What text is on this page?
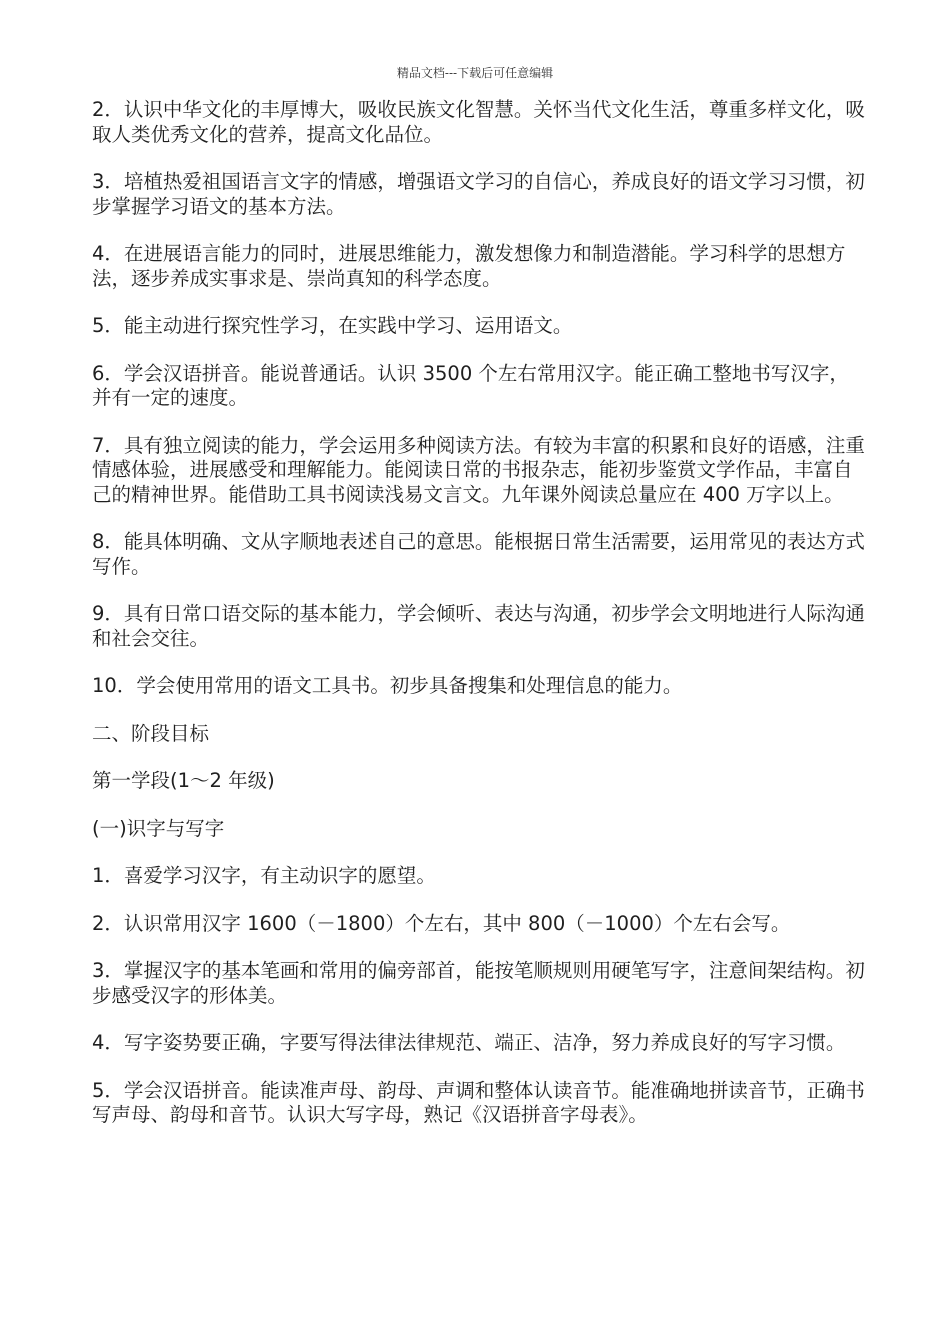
精品文档---下载后可任意编辑

2．认识中华文化的丰厚博大，吸收民族文化智慧。关怀当代文化生活，尊重多样文化，吸取人类优秀文化的营养，提高文化品位。

3．培植热爱祖国语言文字的情感，增强语文学习的自信心，养成良好的语文学习习惯，初步掌握学习语文的基本方法。

4．在进展语言能力的同时，进展思维能力，激发想像力和制造潜能。学习科学的思想方法，逐步养成实事求是、崇尚真知的科学态度。

5．能主动进行探究性学习，在实践中学习、运用语文。

6．学会汉语拼音。能说普通话。认识 3500 个左右常用汉字。能正确工整地书写汉字，并有一定的速度。

7．具有独立阅读的能力，学会运用多种阅读方法。有较为丰富的积累和良好的语感，注重情感体验，进展感受和理解能力。能阅读日常的书报杂志，能初步鉴赏文学作品，丰富自己的精神世界。能借助工具书阅读浅易文言文。九年课外阅读总量应在 400 万字以上。

8．能具体明确、文从字顺地表述自己的意思。能根据日常生活需要，运用常见的表达方式写作。

9．具有日常口语交际的基本能力，学会倾听、表达与沟通，初步学会文明地进行人际沟通和社会交往。

10．学会使用常用的语文工具书。初步具备搜集和处理信息的能力。

二、阶段目标

第一学段(1～2 年级)

(一)识字与写字

1．喜爱学习汉字，有主动识字的愿望。

2．认识常用汉字 1600（－1800）个左右，其中 800（－1000）个左右会写。

3．掌握汉字的基本笔画和常用的偏旁部首，能按笔顺规则用硬笔写字，注意间架结构。初步感受汉字的形体美。

4．写字姿势要正确，字要写得法律法律规范、端正、洁净，努力养成良好的写字习惯。

5．学会汉语拼音。能读准声母、韵母、声调和整体认读音节。能准确地拼读音节，正确书写声母、韵母和音节。认识大写字母，熟记《汉语拼音字母表》。
